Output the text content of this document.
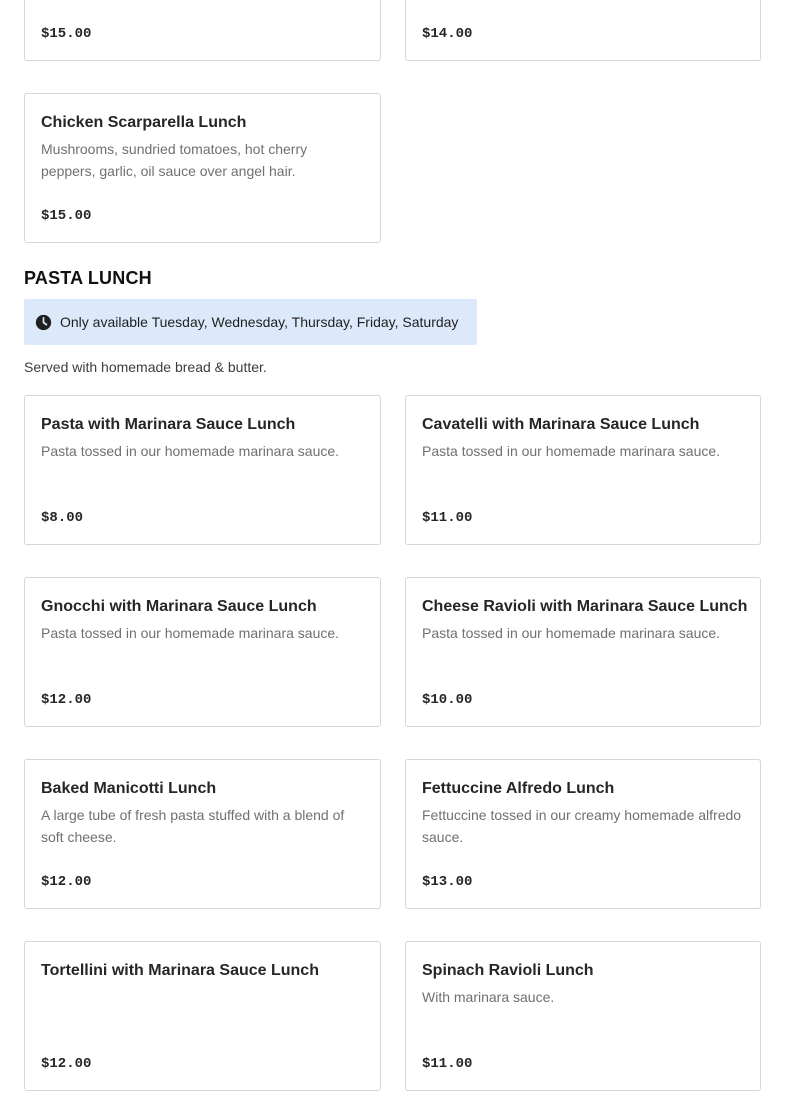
$15.00	$14.00
Chicken Scarparella Lunch
Mushrooms, sundried tomatoes, hot cherry peppers, garlic, oil sauce over angel hair.
$15.00
PASTA LUNCH
Only available Tuesday, Wednesday, Thursday, Friday, Saturday
Served with homemade bread & butter.
Pasta with Marinara Sauce Lunch
Pasta tossed in our homemade marinara sauce.
$8.00
Cavatelli with Marinara Sauce Lunch
Pasta tossed in our homemade marinara sauce.
$11.00
Gnocchi with Marinara Sauce Lunch
Pasta tossed in our homemade marinara sauce.
$12.00
Cheese Ravioli with Marinara Sauce Lunch
Pasta tossed in our homemade marinara sauce.
$10.00
Baked Manicotti Lunch
A large tube of fresh pasta stuffed with a blend of soft cheese.
$12.00
Fettuccine Alfredo Lunch
Fettuccine tossed in our creamy homemade alfredo sauce.
$13.00
Tortellini with Marinara Sauce Lunch
$12.00
Spinach Ravioli Lunch
With marinara sauce.
$11.00
